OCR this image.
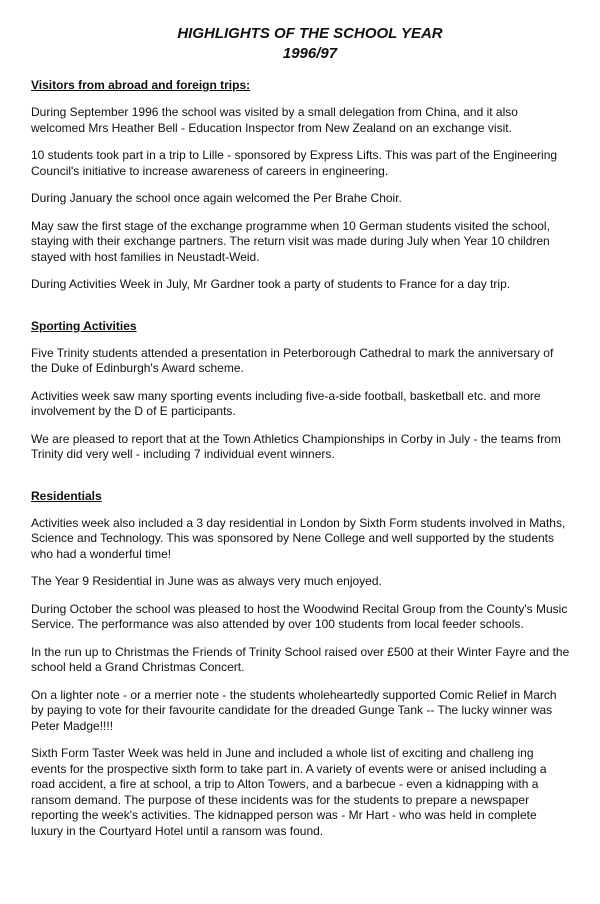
HIGHLIGHTS OF THE SCHOOL YEAR

1996/97

Visitors from abroad and foreign trips:

During September 1996 the school was visited by a small delegation from China, and it also welcomed Mrs Heather Bell - Education Inspector from New Zealand on an exchange visit.

10 students took part in a trip to Lille - sponsored by Express Lifts. This was part of the Engineering Council's initiative to increase awareness of careers in engineering.

During January the school once again welcomed the Per Brahe Choir.

May saw the first stage of the exchange programme when 10 German students visited the school, staying with their exchange partners. The return visit was made during July when Year 10 children stayed with host families in Neustadt-Weid.

During Activities Week in July, Mr Gardner took a party of students to France for a day trip.

Sporting Activities

Five Trinity students attended a presentation in Peterborough Cathedral to mark the anniversary of the Duke of Edinburgh's Award scheme.

Activities week saw many sporting events including five-a-side football, basketball etc. and more involvement by the D of E participants.

We are pleased to report that at the Town Athletics Championships in Corby in July - the teams from Trinity did very well - including 7 individual event winners.

Residentials

Activities week also included a 3 day residential in London by Sixth Form students involved in Maths, Science and Technology. This was sponsored by Nene College and well supported by the students who had a wonderful time!

The Year 9 Residential in June was as always very much enjoyed.

During October the school was pleased to host the Woodwind Recital Group from the County's Music Service. The performance was also attended by over 100 students from local feeder schools.

In the run up to Christmas the Friends of Trinity School raised over £500 at their Winter Fayre and the school held a Grand Christmas Concert.

On a lighter note - or a merrier note - the students wholeheartedly supported Comic Relief in March by paying to vote for their favourite candidate for the dreaded Gunge Tank -- The lucky winner was Peter Madge!!!!

Sixth Form Taster Week was held in June and included a whole list of exciting and challeng ing events for the prospective sixth form to take part in. A variety of events were or anised including a road accident, a fire at school, a trip to Alton Towers, and a barbecue - even a kidnapping with a ransom demand. The purpose of these incidents was for the students to prepare a newspaper reporting the week's activities. The kidnapped person was - Mr Hart - who was held in complete luxury in the Courtyard Hotel until a ransom was found.
